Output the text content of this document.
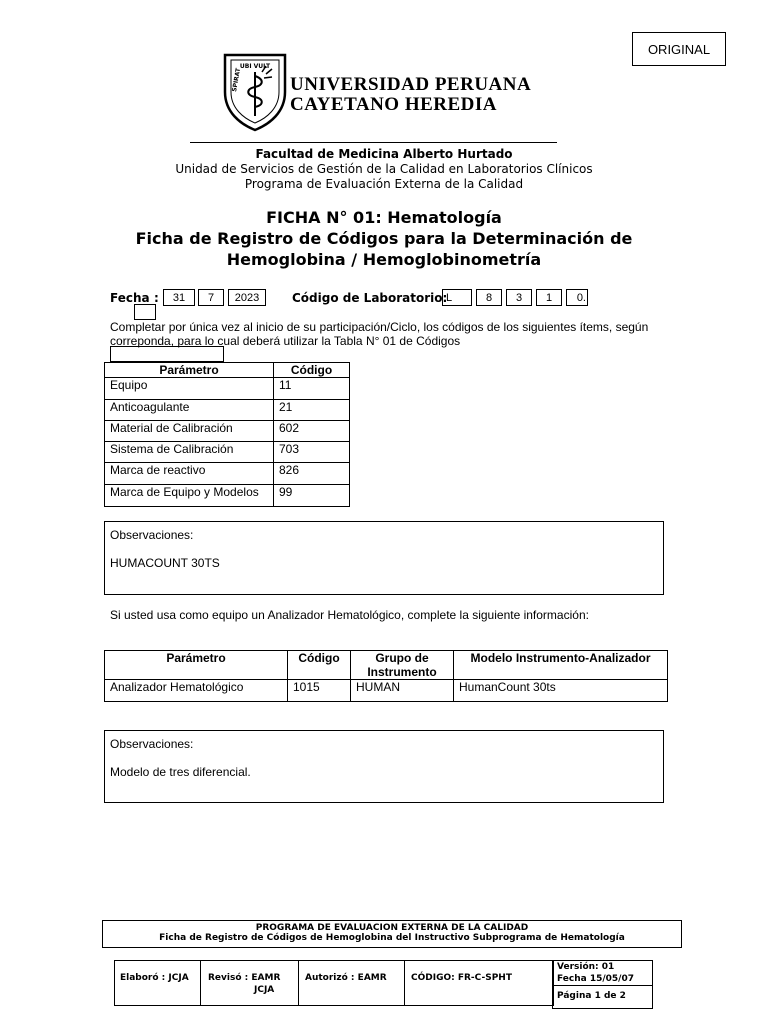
ORIGINAL
UBI VULT
SPIRAT	UNIVERSIDAD PERUANA
CAYETANO HEREDIA
Facultad de Medicina Alberto Hurtado
Unidad de Servicios de Gestión de la Calidad en Laboratorios Clínicos
Programa de Evaluación Externa de la Calidad
FICHA N° 01: Hematología
Ficha de Registro de Códigos para la Determinación de
Hemoglobina / Hemoglobinometría
Fecha :	31	7	2023	Código de Laboratorio:
L	8	3	1	0.
Completar por única vez al inicio de su participación/Ciclo, los códigos de los siguientes ítems, según correponda, para lo cual deberá utilizar la Tabla N° 01 de Códigos
Parámetro	Código
Equipo	11
Anticoagulante	21
Material de Calibración	602
Sistema de Calibración	703
Marca de reactivo	826
Marca de Equipo y Modelos	99
Observaciones:
HUMACOUNT 30TS
Si usted usa como equipo un Analizador Hematológico, complete la siguiente información:
Parámetro	Código	Grupo de Instrumento	Modelo Instrumento-Analizador
Analizador Hematológico	1015	HUMAN	HumanCount 30ts
Observaciones:
Modelo de tres diferencial.
PROGRAMA DE EVALUACION EXTERNA DE LA CALIDAD
Ficha de Registro de Códigos de Hemoglobina del Instructivo Subprograma de Hematología
Elaboró : JCJA Revisó : EAMR
JCJA
Autorizó : EAMR	CÓDIGO: FR-C-SPHT
Versión: 01
Fecha 15/05/07
Página 1 de 2
